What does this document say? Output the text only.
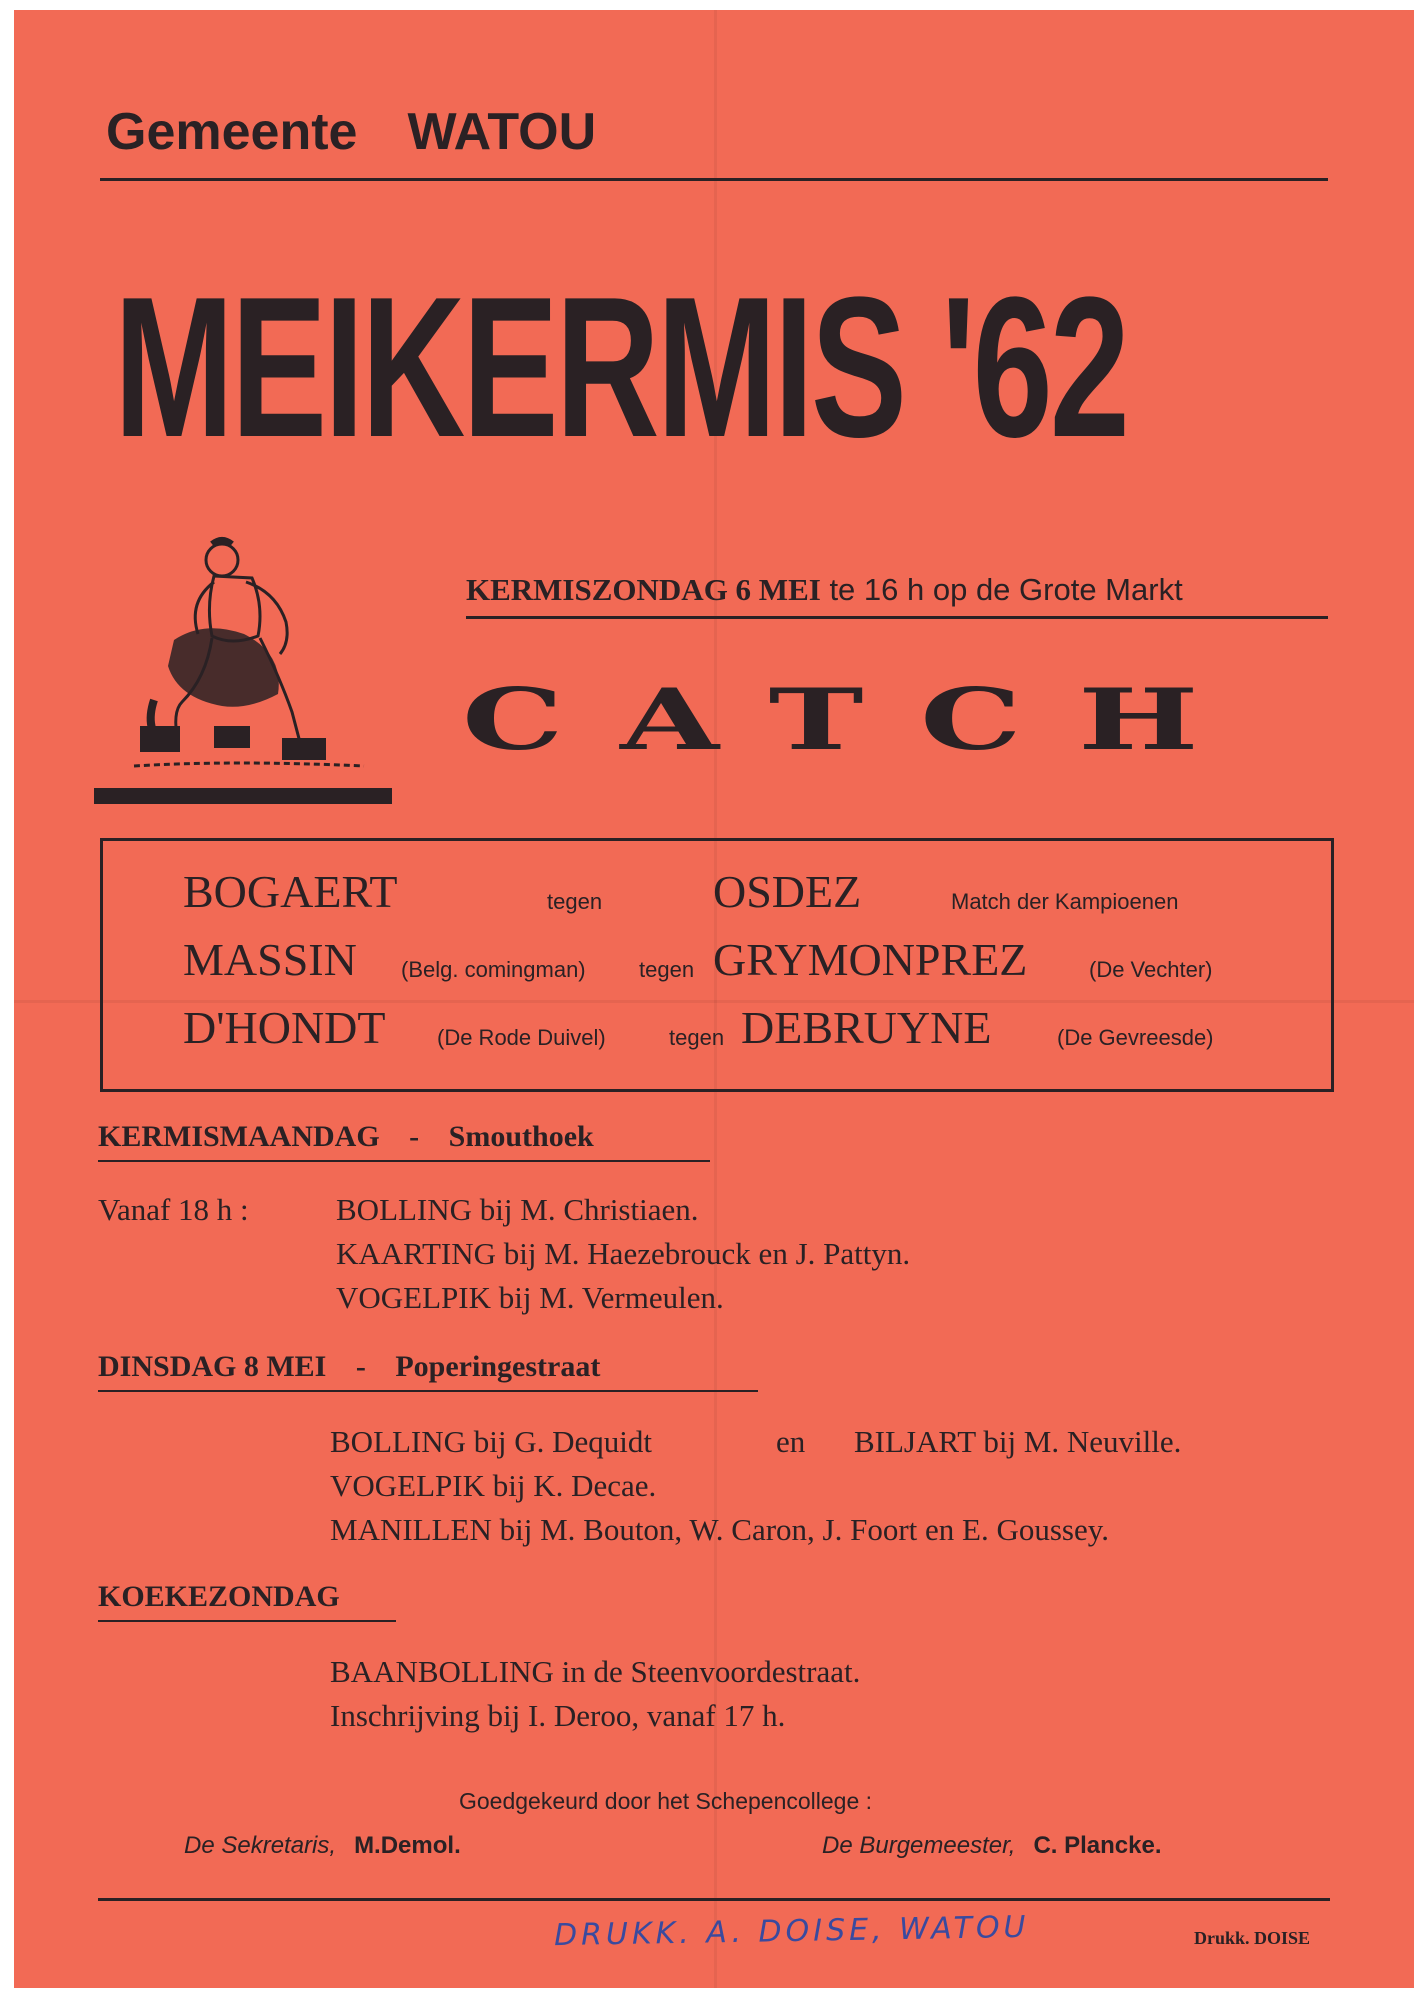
Gemeente WATOU
MEIKERMIS '62
KERMISZONDAG 6 MEI te 16 h op de Grote Markt
CATCH
BOGAERT	tegen OSDEZ	Match der Kampioenen
MASSIN (Belg. comingman) tegen GRYMONPREZ	(De Vechter)
D'HONDT (De Rode Duivel)	tegen DEBRUYNE	(De Gevreesde)
KERMISMAANDAG - Smouthoek
Vanaf 18 h :	BOLLING bij M. Christiaen.
KAARTING bij M. Haezebrouck en J. Pattyn.
VOGELPIK bij M. Vermeulen.
DINSDAG 8 MEI - Poperingestraat
BOLLING bij G. Dequidt	en BILJART bij M. Neuville.
VOGELPIK bij K. Decae.
MANILLEN bij M. Bouton, W. Caron, J. Foort en E. Goussey.
KOEKEZONDAG
BAANBOLLING in de Steenvoordestraat.
Inschrijving bij I. Deroo, vanaf 17 h.
Goedgekeurd door het Schepencollege :
De Sekretaris, M.Demol.	De Burgemeester, C. Plancke.
DRUKK. A. DOISE, WATOU	Drukk. DOISE
